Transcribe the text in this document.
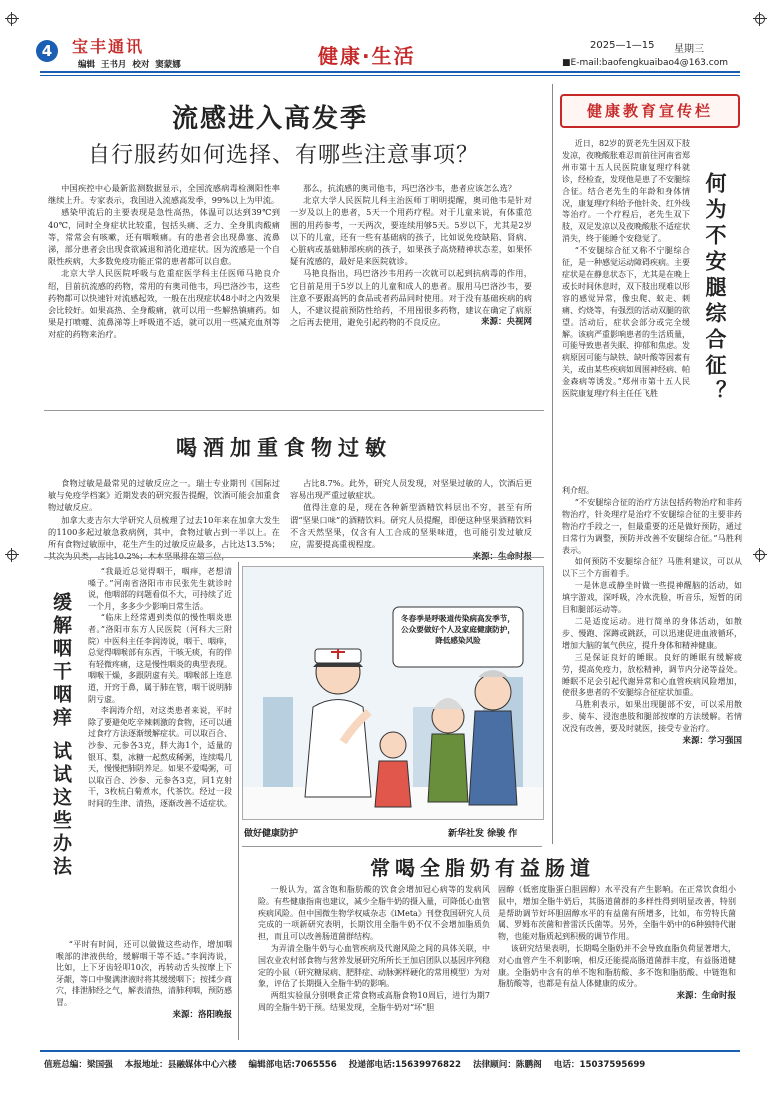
4	宝丰通讯
编辑  王书月  校对  窦蒙娜	健康·生活	2025—1—15 星期三
■E-mail:baofengkuaibao4@163.com
流感进入高发季
自行服药如何选择、有哪些注意事项？

中国疾控中心最新监测数据显示，全国流感病毒检测阳性率继续上升。专家表示，我国进入流感高发季，99%以上为甲流。

感染甲流后的主要表现是急性高热，体温可以达到39℃到40℃，同时全身症状比较重，包括头痛、乏力、全身肌肉酸痛等，常常会有咳嗽，还有咽喉痛。有的患者会出现鼻塞、流鼻涕，部分患者会出现食欲减退和消化道症状。因为流感是一个自限性疾病，大多数免疫功能正常的患者都可以自愈。

北京大学人民医院呼吸与危重症医学科主任医师马艳良介绍，目前抗流感的药物，常用的有奥司他韦，玛巴洛沙韦，这些药物都可以快速针对流感起效，一般在出现症状48小时之内效果会比较好。如果高热、全身酸痛，就可以用一些解热镇痛药。如果是打喷嚏、流鼻涕等上呼吸道不适，就可以用一些减充血剂等对症的药物来治疗。

那么，抗流感的奥司他韦，玛巴洛沙韦，患者应该怎么选？

北京大学人民医院儿科主治医师丁明明提醒，奥司他韦是针对一岁及以上的患者，5天一个用药疗程。对于儿童来说，有体重范围的用药参考，一天两次，要连续用够5天。5岁以下，尤其是2岁以下的儿童，还有一些有基础病的孩子，比如说免疫缺陷、肾病、心脏病或基础肺部疾病的孩子，如果孩子高烧精神状态差，如果怀疑有流感的，最好是来医院就诊。

马艳良指出，玛巴洛沙韦用药一次就可以起到抗病毒的作用，它目前是用于5岁以上的儿童和成人的患者。服用马巴洛沙韦，要注意不要跟高钙的食品或者药品同时使用。对于没有基础疾病的病人，不建议提前预防性给药，不用囤很多药物，建议在确定了病原之后再去使用，避免引起药物的不良反应。	来源：央视网
喝酒加重食物过敏

食物过敏是最常见的过敏反应之一。瑞士专业期刊《国际过敏与免疫学档案》近期发表的研究报告提醒，饮酒可能会加重食物过敏反应。

加拿大麦吉尔大学研究人员梳理了过去10年来在加拿大发生的1100多起过敏急救病例，其中，食物过敏占到一半以上。在所有食物过敏原中，花生产生的过敏反应最多，占比达13.5%；其次为贝类，占比10.2%；木本坚果排在第三位，

占比8.7%。此外，研究人员发现，对坚果过敏的人，饮酒后更容易出现严重过敏症状。

值得注意的是，现在各种新型酒精饮料层出不穷，甚至有所谓“坚果口味”的酒精饮料。研究人员提醒，即便这种坚果酒精饮料不含天然坚果，仅含有人工合成的坚果味道，也可能引发过敏反应，需要提高重视程度。

来源：生命时报
缓解咽干咽痒 试试这些办法

“我最近总觉得咽干，咽痒，老想清嗓子。”河南省洛阳市市民张先生就诊时说，他咽部的问题看似不大，可持续了近一个月，多多少少影响日常生活。

“临床上经常遇到类似的慢性咽炎患者。”洛阳市东方人民医院（河科大三附院）中医科主任李润涛说，咽干、咽痒，总觉得咽喉部有东西，干咳无痰，有的伴有轻微疼痛，这是慢性咽炎的典型表现。咽喉干燥，多跟阴虚有关。咽喉部上连息道，开窍于鼻，属于肺在管，咽干说明肺阴亏虚。

李润涛介绍，对这类患者来说，平时除了要避免吃辛辣刺激的食物，还可以通过食疗方法逐渐缓解症状。可以取百合、沙参、元参各3克，胖大海1个，适量的银耳、梨，冰糖一起熬成稀粥，连续喝几天，慢慢把肺阴养足。如果不爱喝粥，可以取百合、沙参、元参各3克，同1克射干，3枚杭白菊煮水，代茶饮。经过一段时间的生津、清热，逐渐改善不适症状。

“平时有时间，还可以做做这些动作，增加咽喉部的津液供给，缓解咽干等不适。”李润涛说，比如，上下牙齿轻叩10次，再转动舌头按摩上下牙龈，等口中聚满津液时将其缓缓咽下；按揉少商穴，排泄肺经之气，解表清热，清肺利咽，预防感冒。

来源：洛阳晚报
冬春季是呼吸道传染病高发季节，公众要做好个人及家庭健康防护，降低感染风险
做好健康防护	新华社发 徐骏 作
健康教育宣传栏
何为不安腿综合征？

近日，82岁的贾老先生因双下肢发凉，夜晚酸胀难忍而前往河南省郑州市第十五人民医院康复理疗科就诊，经检查，发现他是患了不安腿综合征。结合老先生的年龄和身体情况，康复理疗科给予他针灸、红外线等治疗。一个疗程后，老先生双下肢，双足发凉以及夜晚酸胀不适症状消失，终于能睡个安稳觉了。

“不安腿综合征又称不宁腿综合征，是一种感觉运动障碍疾病。主要症状是在静息状态下，尤其是在晚上或长时间休息时，双下肢出现难以形容的感觉异常，像虫爬、蚁走、刺痛、灼烧等，有强烈的活动双腿的欲望。活动后，症状会部分或完全缓解。该病严重影响患者的生活质量，可能导致患者失眠、抑郁和焦虑。发病原因可能与缺铁、缺叶酸等因素有关，或由某些疾病如周围神经病、帕金森病等诱发。”郑州市第十五人民医院康复理疗科主任任飞胜

利介绍。

“不安腿综合征的治疗方法包括药物治疗和非药物治疗，针灸理疗是治疗不安腿综合征的主要非药物治疗手段之一，但最重要的还是做好预防，通过日常行为调整，预防并改善不安腿综合征。”马胜利表示。

如何预防不安腿综合征？马胜利建议，可以从以下三个方面着手。

一是休息或静坐时做一些提神醒脑的活动，如填字游戏，深呼吸，冷水洗脸，听音乐，短暂的闭目和腿部运动等。

二是适度运动。进行简单的身体活动，如散步、慢跑、深蹲或跳跃，可以迅速促进血液循环，增加大脑的氧气供应，提升身体和精神健康。

三是保证良好的睡眠。良好的睡眠有缓解疲劳，提高免疫力，放松精神，调节内分泌等益处。睡眠不足会引起代谢异常和心血管疾病风险增加，使很多患者的不安腿综合征症状加重。

马胜利表示，如果出现腿部不安，可以采用散步、骑车、浸泡患肢和腿部按摩的方法缓解。若情况没有改善，要及时就医，接受专业治疗。

来源：学习强国
常喝全脂奶有益肠道

一般认为，富含饱和脂肪酸的饮食会增加冠心病等的发病风险。有些健康指南也建议，减少全脂牛奶的摄入量，可降低心血管疾病风险。但中国微生物学权威杂志《iMeta》刊登我国研究人员完成的一项新研究表明，长期饮用全脂牛奶不仅不会增加脂质负担，而且可以改善肠道菌群结构。

为弄清全脂牛奶与心血管疾病及代谢风险之间的具体关联，中国农业农村部食物与营养发展研究所所长王加启团队以基因序列稳定的小鼠（研究糖尿病、肥胖症、动脉粥样硬化的常用模型）为对象，评估了长期摄入全脂牛奶的影响。

两组实验鼠分别喂食正常食物或高脂食物10周后，进行为期7周的全脂牛奶干预。结果发现，全脂牛奶对“坏”胆

固醇（低密度脂蛋白胆固醇）水平没有产生影响。在正常饮食组小鼠中，增加全脂牛奶后，其肠道菌群的多样性得到明显改善，特别是帮助调节好坏胆固醇水平的有益菌有所增多，比如，布劳特氏菌属、罗姆布茨菌和普雷沃氏菌等。另外，全脂牛奶中的6种独特代谢物，也能对脂质起到积极的调节作用。

该研究结果表明，长期喝全脂奶并不会导致血脂负荷显著增大，对心血管产生不利影响，相反还能提高肠道菌群丰度，有益肠道健康。全脂奶中含有的单不饱和脂肪酸、多不饱和脂肪酸、中链饱和脂肪酸等，也都是有益人体健康的成分。

来源：生命时报
值班总编：梁国强 本报地址：县融媒体中心六楼 编辑部电话:7065556 投递部电话:15639976822 法律顾问：陈鹏阁 电话：15037595699
